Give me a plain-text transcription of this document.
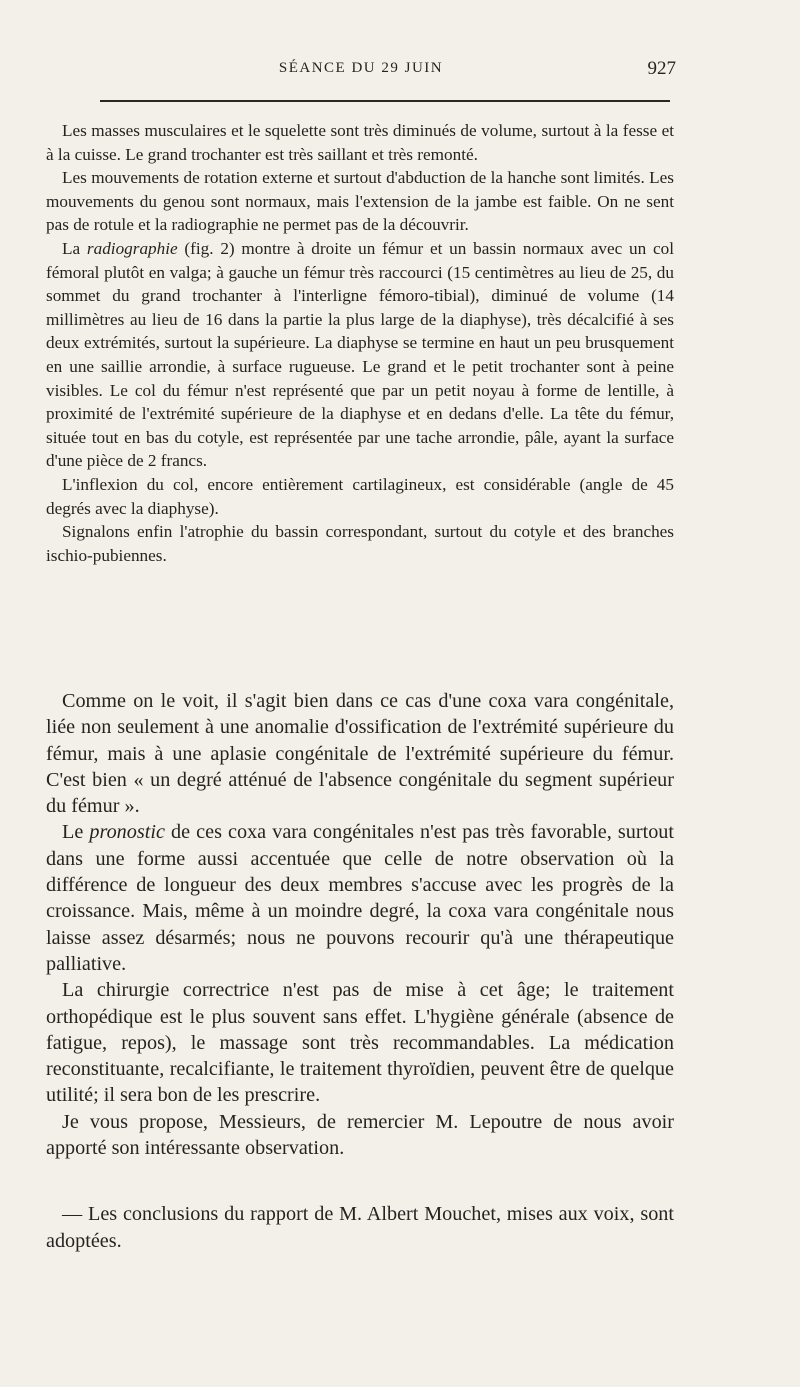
SÉANCE DU 29 JUIN	927

Les masses musculaires et le squelette sont très diminués de volume, surtout à la fesse et à la cuisse. Le grand trochanter est très saillant et très remonté.

Les mouvements de rotation externe et surtout d'abduction de la hanche sont limités. Les mouvements du genou sont normaux, mais l'extension de la jambe est faible. On ne sent pas de rotule et la radiographie ne permet pas de la découvrir.

La radiographie (fig. 2) montre à droite un fémur et un bassin normaux avec un col fémoral plutôt en valga; à gauche un fémur très raccourci (15 centimètres au lieu de 25, du sommet du grand trochanter à l'interligne fémoro-tibial), diminué de volume (14 millimètres au lieu de 16 dans la partie la plus large de la diaphyse), très décalcifié à ses deux extrémités, surtout la supérieure. La diaphyse se termine en haut un peu brusquement en une saillie arrondie, à surface rugueuse. Le grand et le petit trochanter sont à peine visibles. Le col du fémur n'est représenté que par un petit noyau à forme de lentille, à proximité de l'extrémité supérieure de la diaphyse et en dedans d'elle. La tête du fémur, située tout en bas du cotyle, est représentée par une tache arrondie, pâle, ayant la surface d'une pièce de 2 francs.

L'inflexion du col, encore entièrement cartilagineux, est considérable (angle de 45 degrés avec la diaphyse).

Signalons enfin l'atrophie du bassin correspondant, surtout du cotyle et des branches ischio-pubiennes.

Comme on le voit, il s'agit bien dans ce cas d'une coxa vara congénitale, liée non seulement à une anomalie d'ossification de l'extrémité supérieure du fémur, mais à une aplasie congénitale de l'extrémité supérieure du fémur. C'est bien « un degré atténué de l'absence congénitale du segment supérieur du fémur ».

Le pronostic de ces coxa vara congénitales n'est pas très favorable, surtout dans une forme aussi accentuée que celle de notre observation où la différence de longueur des deux membres s'accuse avec les progrès de la croissance. Mais, même à un moindre degré, la coxa vara congénitale nous laisse assez désarmés; nous ne pouvons recourir qu'à une thérapeutique palliative.

La chirurgie correctrice n'est pas de mise à cet âge; le traitement orthopédique est le plus souvent sans effet. L'hygiène générale (absence de fatigue, repos), le massage sont très recommandables. La médication reconstituante, recalcifiante, le traitement thyroïdien, peuvent être de quelque utilité; il sera bon de les prescrire.

Je vous propose, Messieurs, de remercier M. Lepoutre de nous avoir apporté son intéressante observation.

— Les conclusions du rapport de M. Albert Mouchet, mises aux voix, sont adoptées.
